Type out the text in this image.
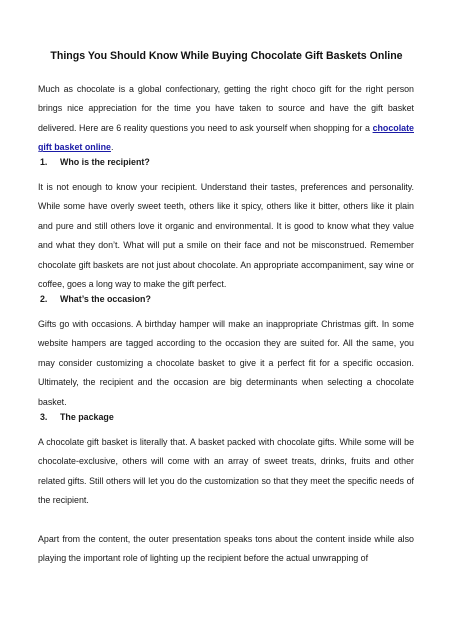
Things You Should Know While Buying Chocolate Gift Baskets Online

Much as chocolate is a global confectionary, getting the right choco gift for the right person brings nice appreciation for the time you have taken to source and have the gift basket delivered. Here are 6 reality questions you need to ask yourself when shopping for a chocolate gift basket online.

1. Who is the recipient?

It is not enough to know your recipient. Understand their tastes, preferences and personality. While some have overly sweet teeth, others like it spicy, others like it bitter, others like it plain and pure and still others love it organic and environmental. It is good to know what they value and what they don’t. What will put a smile on their face and not be misconstrued. Remember chocolate gift baskets are not just about chocolate. An appropriate accompaniment, say wine or coffee, goes a long way to make the gift perfect.

2. What’s the occasion?

Gifts go with occasions. A birthday hamper will make an inappropriate Christmas gift. In some website hampers are tagged according to the occasion they are suited for. All the same, you may consider customizing a chocolate basket to give it a perfect fit for a specific occasion. Ultimately, the recipient and the occasion are big determinants when selecting a chocolate basket.

3. The package

A chocolate gift basket is literally that. A basket packed with chocolate gifts. While some will be chocolate-exclusive, others will come with an array of sweet treats, drinks, fruits and other related gifts. Still others will let you do the customization so that they meet the specific needs of the recipient.

Apart from the content, the outer presentation speaks tons about the content inside while also playing the important role of lighting up the recipient before the actual unwrapping of
